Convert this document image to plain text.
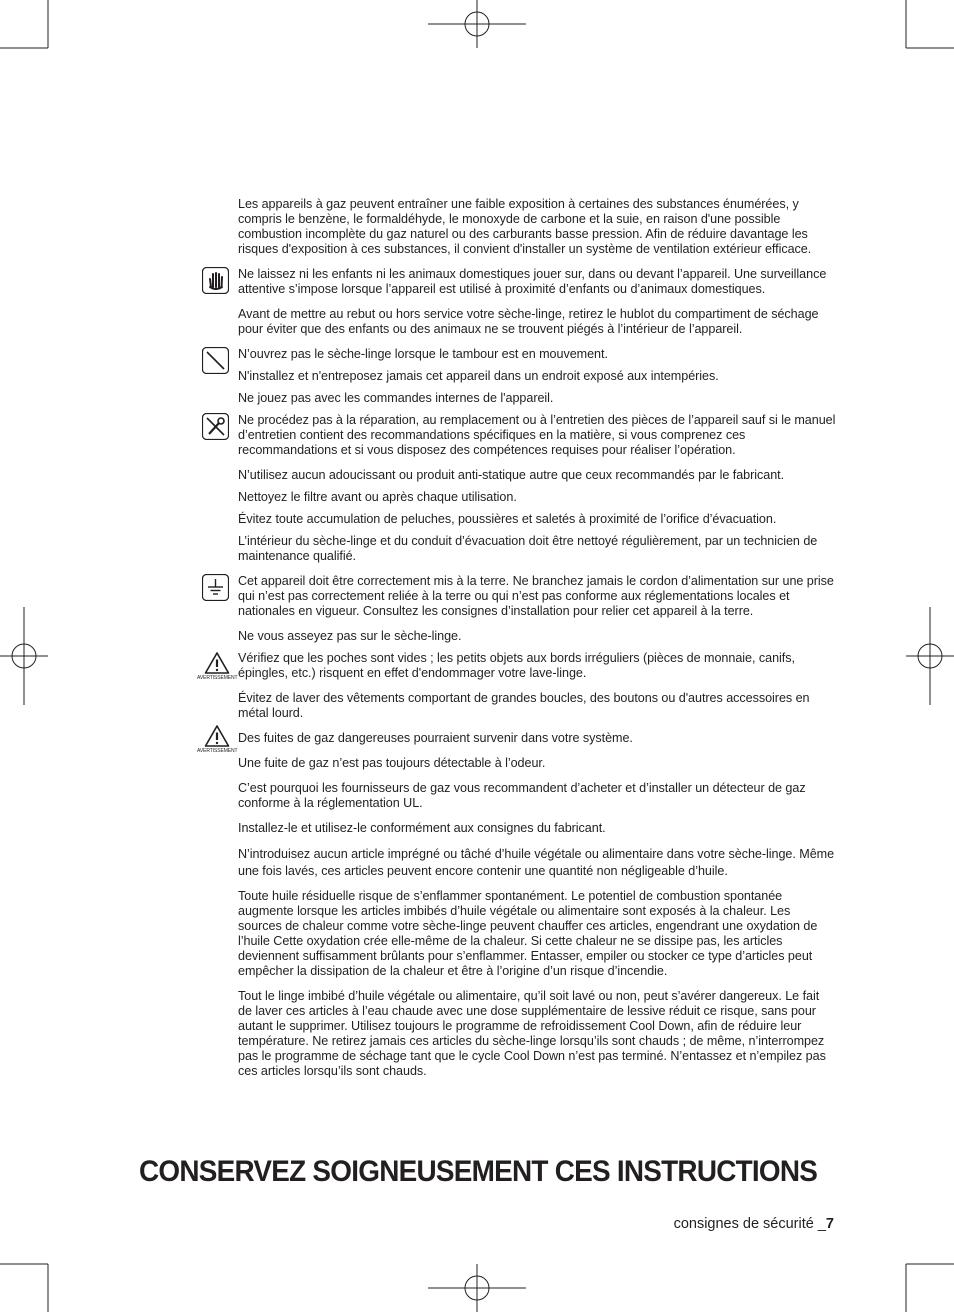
Les appareils à gaz peuvent entraîner une faible exposition à certaines des substances énumérées, y compris le benzène, le formaldéhyde, le monoxyde de carbone et la suie, en raison d'une possible combustion incomplète du gaz naturel ou des carburants basse pression. Afin de réduire davantage les risques d'exposition à ces substances, il convient d'installer un système de ventilation extérieur efficace.

Ne laissez ni les enfants ni les animaux domestiques jouer sur, dans ou devant l’appareil. Une surveillance attentive s’impose lorsque l’appareil est utilisé à proximité d’enfants ou d’animaux domestiques.

Avant de mettre au rebut ou hors service votre sèche-linge, retirez le hublot du compartiment de séchage pour éviter que des enfants ou des animaux ne se trouvent piégés à l’intérieur de l’appareil.

N’ouvrez pas le sèche-linge lorsque le tambour est en mouvement.

N'installez et n'entreposez jamais cet appareil dans un endroit exposé aux intempéries.

Ne jouez pas avec les commandes internes de l'appareil.

Ne procédez pas à la réparation, au remplacement ou à l’entretien des pièces de l’appareil sauf si le manuel d’entretien contient des recommandations spécifiques en la matière, si vous comprenez ces recommandations et si vous disposez des compétences requises pour réaliser l’opération.

N’utilisez aucun adoucissant ou produit anti-statique autre que ceux recommandés par le fabricant.

Nettoyez le filtre avant ou après chaque utilisation.

Évitez toute accumulation de peluches, poussières et saletés à proximité de l’orifice d’évacuation.

L’intérieur du sèche-linge et du conduit d’évacuation doit être nettoyé régulièrement, par un technicien de maintenance qualifié.

Cet appareil doit être correctement mis à la terre. Ne branchez jamais le cordon d’alimentation sur une prise qui n’est pas correctement reliée à la terre ou qui n’est pas conforme aux réglementations locales et nationales en vigueur. Consultez les consignes d’installation pour relier cet appareil à la terre.

Ne vous asseyez pas sur le sèche-linge.

AVERTISSEMENT
Vérifiez que les poches sont vides ; les petits objets aux bords irréguliers (pièces de monnaie, canifs, épingles, etc.) risquent en effet d'endommager votre lave-linge.

Évitez de laver des vêtements comportant de grandes boucles, des boutons ou d'autres accessoires en métal lourd.

AVERTISSEMENT
Des fuites de gaz dangereuses pourraient survenir dans votre système.

Une fuite de gaz n’est pas toujours détectable à l’odeur.

C’est pourquoi les fournisseurs de gaz vous recommandent d’acheter et d’installer un détecteur de gaz conforme à la réglementation UL.

Installez-le et utilisez-le conformément aux consignes du fabricant.

N’introduisez aucun article imprégné ou tâché d’huile végétale ou alimentaire dans votre sèche-linge. Même une fois lavés, ces articles peuvent encore contenir une quantité non négligeable d’huile.

Toute huile résiduelle risque de s’enflammer spontanément. Le potentiel de combustion spontanée augmente lorsque les articles imbibés d’huile végétale ou alimentaire sont exposés à la chaleur. Les sources de chaleur comme votre sèche-linge peuvent chauffer ces articles, engendrant une oxydation de l’huile Cette oxydation crée elle-même de la chaleur. Si cette chaleur ne se dissipe pas, les articles deviennent suffisamment brûlants pour s’enflammer. Entasser, empiler ou stocker ce type d’articles peut empêcher la dissipation de la chaleur et être à l’origine d’un risque d’incendie.

Tout le linge imbibé d’huile végétale ou alimentaire, qu’il soit lavé ou non, peut s’avérer dangereux. Le fait de laver ces articles à l’eau chaude avec une dose supplémentaire de lessive réduit ce risque, sans pour autant le supprimer. Utilisez toujours le programme de refroidissement Cool Down, afin de réduire leur température. Ne retirez jamais ces articles du sèche-linge lorsqu’ils sont chauds ; de même, n’interrompez pas le programme de séchage tant que le cycle Cool Down n’est pas terminé. N’entassez et n’empilez pas ces articles lorsqu’ils sont chauds.

CONSERVEZ SOIGNEUSEMENT CES INSTRUCTIONS
consignes de sécurité _7
